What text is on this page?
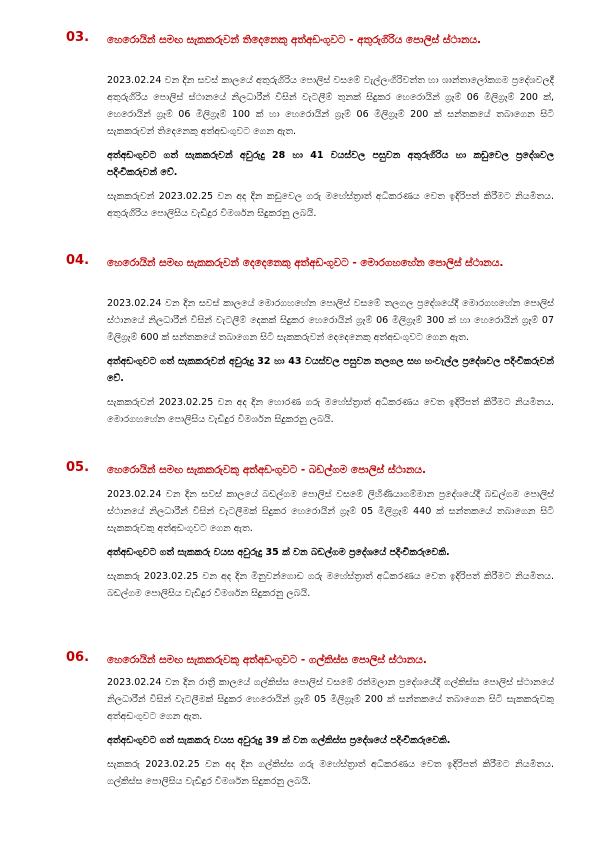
03. හෙරොයින් සමඟ සැකකරුවන් තිදෙනෙකු අත්අඩංගුවට - අතුරුගිරිය පොලිස් ස්ථානය.

2023.02.24 වන දින සවස් කාලයේ අතුරුගිරිය පොලිස් වසමේ වැල්ලංගිරිවත්ත හා ශාන්තාලෝකගම ප්‍රදේශවලදී අතුරුගිරිය පොලිස් ස්ථානයේ නිලධාරීන් විසින් වැටලීම් තුනක් සිදුකර හෙරොයින් ග්‍රෑම් 06 මිලිග්‍රෑම් 200 ක්, හෙරොයින් ග්‍රෑම් 06 මිලිග්‍රෑම් 100 ක් හා හෙරොයින් ග්‍රෑම් 06 මිලිග්‍රෑම් 200 ක් සන්තකයේ තබාගෙන සිටි සැකකරුවන් තිදෙනෙකු අත්අඩංගුවට ගෙන ඇත.

අත්අඩංගුවට ගත් සැකකරුවන් අවුරුදු 28 හා 41 වයස්වල පසුවන අතුරුගිරිය හා කඩුවෙල ප්‍රදේශවල පදිංචිකරුවන් වේ.

සැකකරුවන් 2023.02.25 වන අද දින කඩුවෙල ගරු මහේස්ත්‍රාත් අධිකරණය වෙත ඉදිරිපත් කිරීමට නියමිතය. අතුරුගිරිය පොලිසිය වැඩිදුර විමර්ශන සිදුකරනු ලබයි.

04. හෙරොයින් සමඟ සැකකරුවන් දෙදෙනෙකු අත්අඩංගුවට - මොරගහහේන පොලිස් ස්ථානය.

2023.02.24 වන දින සවස් කාලයේ මොරගහහේන පොලිස් වසමේ තලගල ප්‍රදේශයේදී මොරගහහේන පොලිස් ස්ථානයේ නිලධාරීන් විසින් වැටලීම් දෙකක් සිදුකර හෙරොයින් ග්‍රෑම් 06 මිලිග්‍රෑම් 300 ක් හා හෙරොයින් ග්‍රෑම් 07 මිලිග්‍රෑම් 600 ක් සන්තකයේ තබාගෙන සිටි සැකකරුවන් දෙදෙනෙකු අත්අඩංගුවට ගෙන ඇත.

අත්අඩංගුවට ගත් සැකකරුවන් අවුරුදු 32 හා 43 වයස්වල පසුවන තලගල සහ හංවැල්ල ප්‍රදේශවල පදිංචිකරුවන් වේ.

සැකකරුවන් 2023.02.25 වන අද දින හොරණ ගරු මහේස්ත්‍රාත් අධිකරණය වෙත ඉදිරිපත් කිරීමට නියමිතය. මොරගහහේන පොලිසිය වැඩිදුර විමර්ශන සිදුකරනු ලබයි.

05. හෙරොයින් සමඟ සැකකරුවකු අත්අඩංගුවට - බඩල්ගම පොලිස් ස්ථානය.

2023.02.24 වන දින සවස් කාලයේ බඩල්ගම පොලිස් වසමේ ලිහිණියාගම්මාන ප්‍රදේශයේදී බඩල්ගම පොලිස් ස්ථානයේ නිලධාරීන් විසින් වැටලීමක් සිදුකර හෙරොයින් ග්‍රෑම් 05 මිලිග්‍රෑම් 440 ක් සන්තකයේ තබාගෙන සිටි සැකකරුවකු අත්අඩංගුවට ගෙන ඇත.

අත්අඩංගුවට ගත් සැකකරු වයස අවුරුදු 35 ක් වන බඩල්ගම ප්‍රදේශයේ පදිංචිකරුවෙකි.

සැකකරු 2023.02.25 වන අද දින මිනුවන්ගොඩ ගරු මහේස්ත්‍රාත් අධිකරණය වෙත ඉදිරිපත් කිරීමට නියමිතය. බඩල්ගම පොලිසිය වැඩිදුර විමර්ශන සිදුකරනු ලබයි.

06. හෙරොයින් සමඟ සැකකරුවකු අත්අඩංගුවට - ගල්කිස්ස පොලිස් ස්ථානය.

2023.02.24 වන දින රාත්‍රී කාලයේ ගල්කිස්ස පොලිස් වසමේ රත්මලාන ප්‍රදේශයේදී ගල්කිස්ස පොලිස් ස්ථානයේ නිලධාරීන් විසින් වැටලීමක් සිදුකර හෙරොයින් ග්‍රෑම් 05 මිලිග්‍රෑම් 200 ක් සන්තකයේ තබාගෙන සිටි සැකකරුවකු අත්අඩංගුවට ගෙන ඇත.

අත්අඩංගුවට ගත් සැකකරු වයස අවුරුදු 39 ක් වන ගල්කිස්ස ප්‍රදේශයේ පදිංචිකරුවෙකි.

සැකකරු 2023.02.25 වන අද දින ගල්කිස්ස ගරු මහේස්ත්‍රාත් අධිකරණය වෙත ඉදිරිපත් කිරීමට නියමිතය. ගල්කිස්ස පොලිසිය වැඩිදුර විමර්ශන සිදුකරනු ලබයි.
